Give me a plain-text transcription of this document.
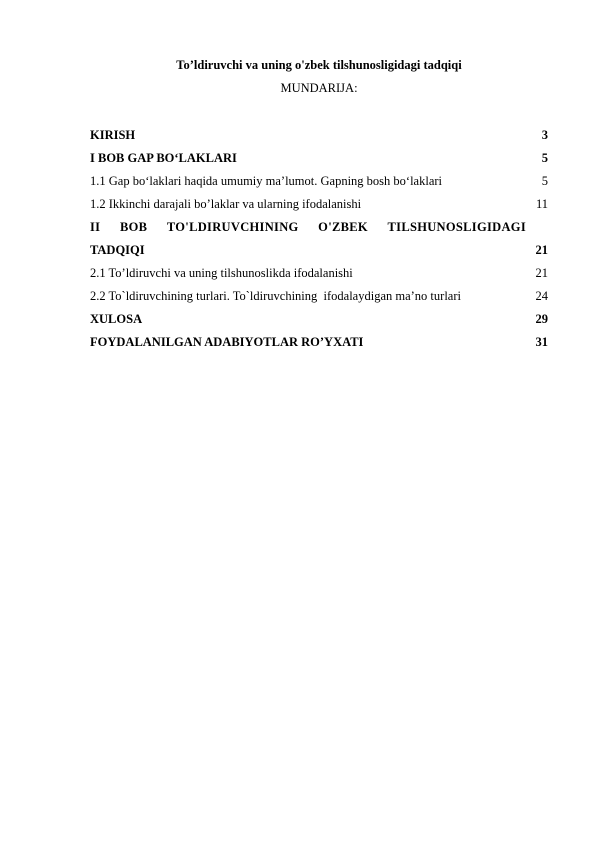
To’ldiruvchi va uning o'zbek tilshunosligidagi tadqiqi
MUNDARIJA:
KIRISH	3
I BOB GAP BO‘LAKLARI	5
1.1 Gap bo‘laklari haqida umumiy ma’lumot. Gapning bosh bo‘laklari	5
1.2 Ikkinchi darajali bo’laklar va ularning ifodalanishi	11
II BOB TO'LDIRUVCHINING O'ZBEK TILSHUNOSLIGIDAGI
TADQIQI	21
2.1 To’ldiruvchi va uning tilshunoslikda ifodalanishi	21
2.2 To`ldiruvchining turlari. To`ldiruvchining  ifodalaydigan ma’no turlari	24
XULOSA	29
FOYDALANILGAN ADABIYOTLAR RO’YXATI	31
